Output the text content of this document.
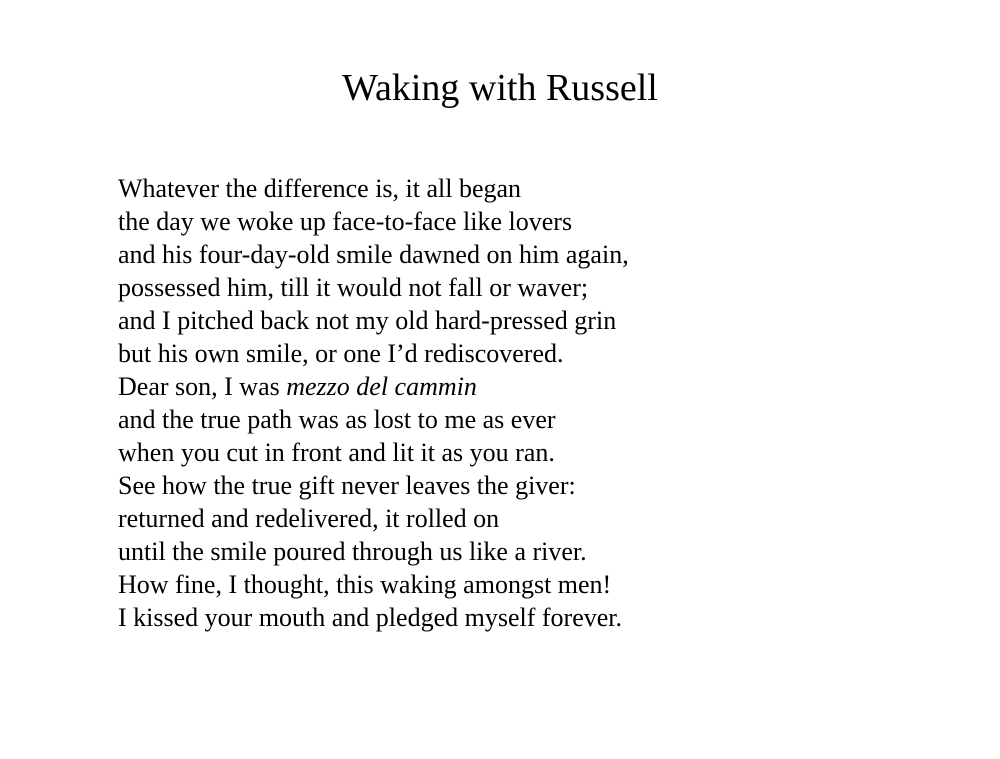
Waking with Russell
Whatever the difference is, it all began
the day we woke up face-to-face like lovers
and his four-day-old smile dawned on him again,
possessed him, till it would not fall or waver;
and I pitched back not my old hard-pressed grin
but his own smile, or one I’d rediscovered.
Dear son, I was mezzo del cammin
and the true path was as lost to me as ever
when you cut in front and lit it as you ran.
See how the true gift never leaves the giver:
returned and redelivered, it rolled on
until the smile poured through us like a river.
How fine, I thought, this waking amongst men!
I kissed your mouth and pledged myself forever.
